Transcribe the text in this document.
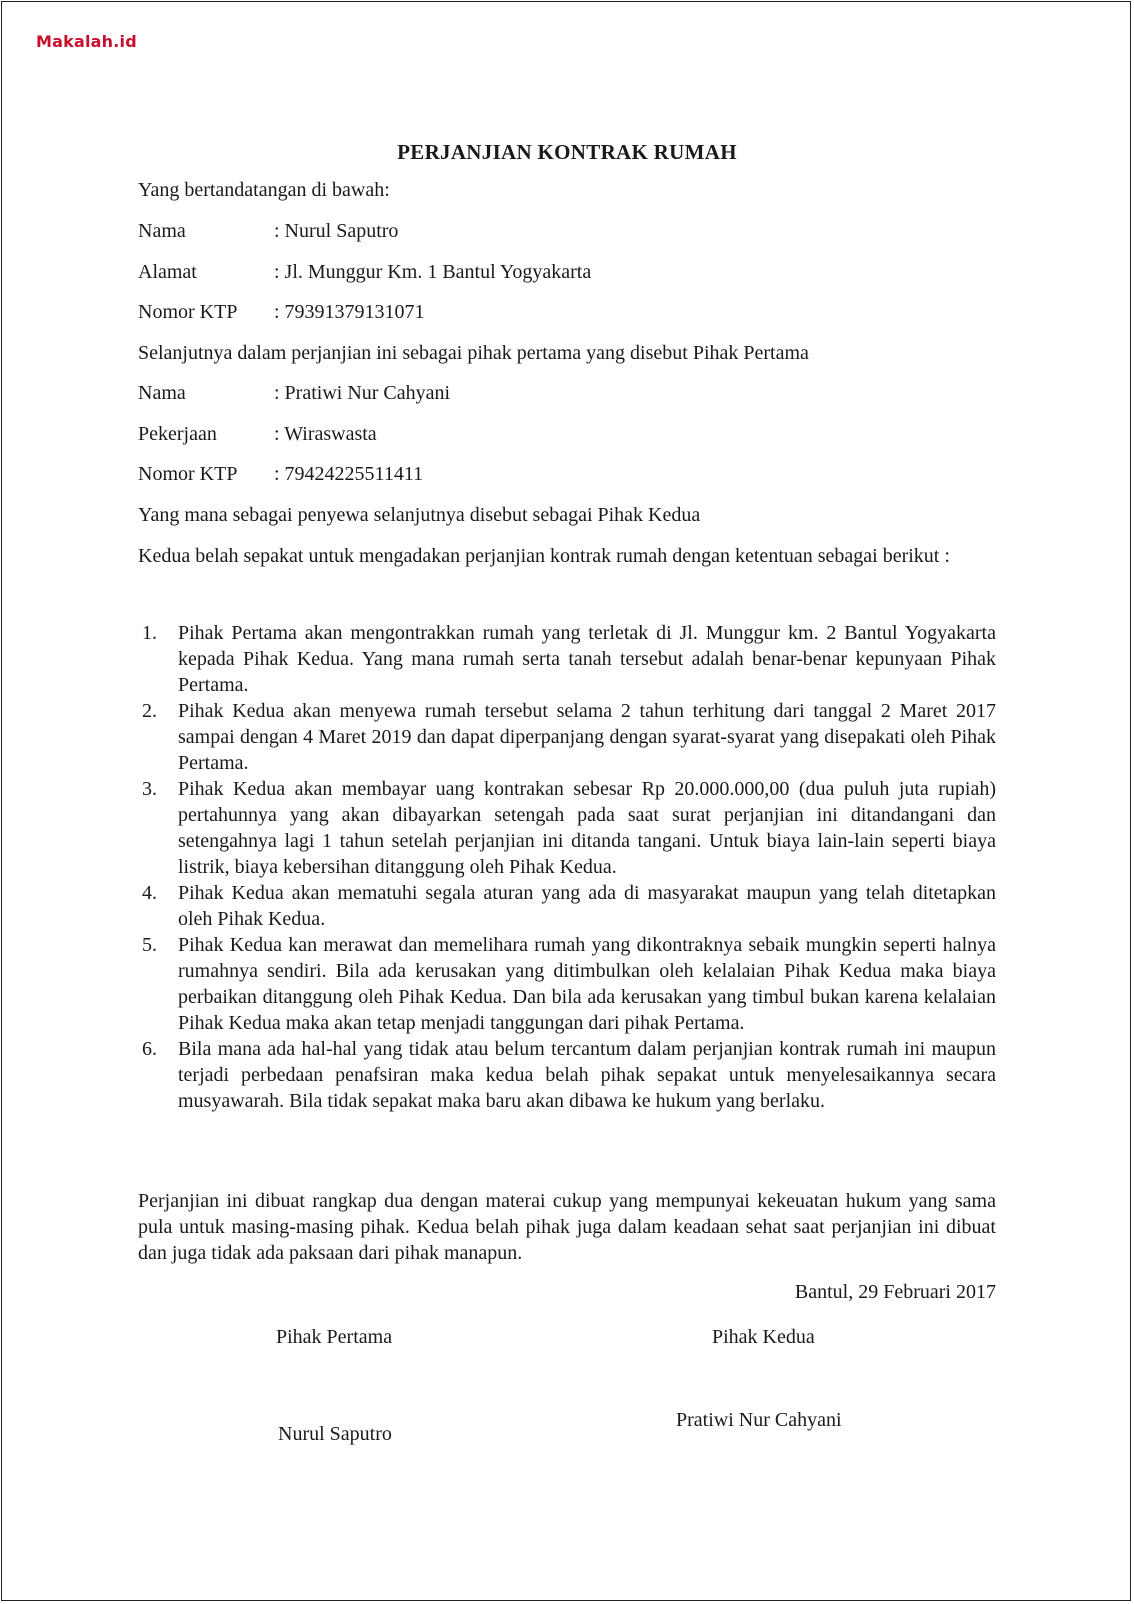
Makalah.id
PERJANJIAN KONTRAK RUMAH
Yang bertandatangan di bawah:
Nama	: Nurul Saputro
Alamat	: Jl. Munggur Km. 1 Bantul Yogyakarta
Nomor KTP : 79391379131071
Selanjutnya dalam perjanjian ini sebagai pihak pertama yang disebut Pihak Pertama
Nama	: Pratiwi Nur Cahyani
Pekerjaan	: Wiraswasta
Nomor KTP : 79424225511411
Yang mana sebagai penyewa selanjutnya disebut sebagai Pihak Kedua
Kedua belah sepakat untuk mengadakan perjanjian kontrak rumah dengan ketentuan sebagai berikut :
1. Pihak Pertama akan mengontrakkan rumah yang terletak di Jl. Munggur km. 2 Bantul Yogyakarta kepada Pihak Kedua. Yang mana rumah serta tanah tersebut adalah benar-benar kepunyaan Pihak Pertama.
2. Pihak Kedua akan menyewa rumah tersebut selama 2 tahun terhitung dari tanggal 2 Maret 2017 sampai dengan 4 Maret 2019 dan dapat diperpanjang dengan syarat-syarat yang disepakati oleh Pihak Pertama.
3. Pihak Kedua akan membayar uang kontrakan sebesar Rp 20.000.000,00 (dua puluh juta rupiah) pertahunnya yang akan dibayarkan setengah pada saat surat perjanjian ini ditandangani dan setengahnya lagi 1 tahun setelah perjanjian ini ditanda tangani. Untuk biaya lain-lain seperti biaya listrik, biaya kebersihan ditanggung oleh Pihak Kedua.
4. Pihak Kedua akan mematuhi segala aturan yang ada di masyarakat maupun yang telah ditetapkan oleh Pihak Kedua.
5. Pihak Kedua kan merawat dan memelihara rumah yang dikontraknya sebaik mungkin seperti halnya rumahnya sendiri. Bila ada kerusakan yang ditimbulkan oleh kelalaian Pihak Kedua maka biaya perbaikan ditanggung oleh Pihak Kedua. Dan bila ada kerusakan yang timbul bukan karena kelalaian Pihak Kedua maka akan tetap menjadi tanggungan dari pihak Pertama.
6. Bila mana ada hal-hal yang tidak atau belum tercantum dalam perjanjian kontrak rumah ini maupun terjadi perbedaan penafsiran maka kedua belah pihak sepakat untuk menyelesaikannya secara musyawarah. Bila tidak sepakat maka baru akan dibawa ke hukum yang berlaku.
Perjanjian ini dibuat rangkap dua dengan materai cukup yang mempunyai kekeuatan hukum yang sama pula untuk masing-masing pihak. Kedua belah pihak juga dalam keadaan sehat saat perjanjian ini dibuat dan juga tidak ada paksaan dari pihak manapun.
Bantul, 29 Februari 2017
Pihak Pertama	Pihak Kedua
Nurul Saputro
Pratiwi Nur Cahyani
